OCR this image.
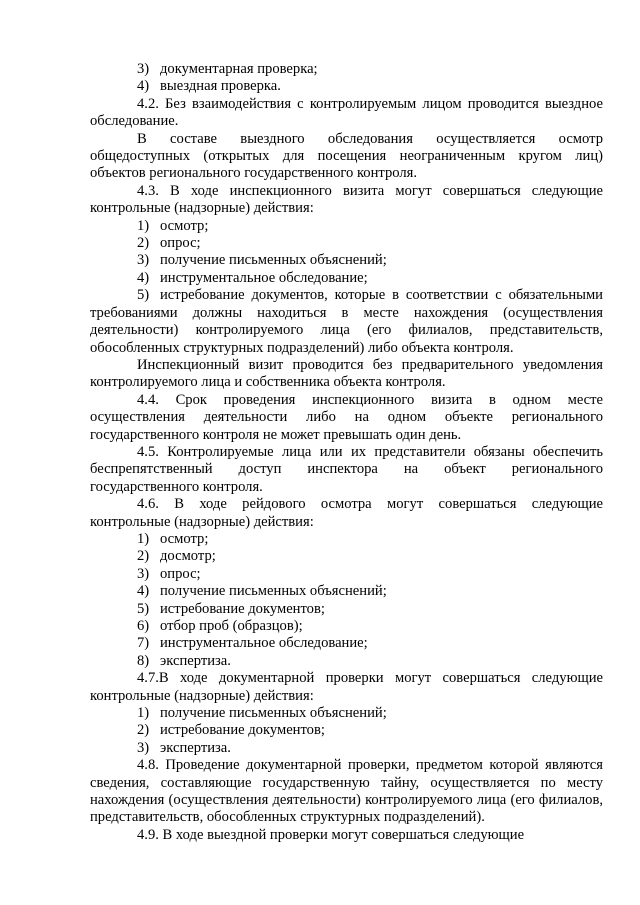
3) документарная проверка;

4) выездная проверка.

4.2. Без взаимодействия с контролируемым лицом проводится выездное обследование.

В составе выездного обследования осуществляется осмотр общедоступных (открытых для посещения неограниченным кругом лиц) объектов регионального государственного контроля.

4.3. В ходе инспекционного визита могут совершаться следующие контрольные (надзорные) действия:

1) осмотр;

2) опрос;

3) получение письменных объяснений;

4) инструментальное обследование;

5) истребование документов, которые в соответствии с обязательными требованиями должны находиться в месте нахождения (осуществления деятельности) контролируемого лица (его филиалов, представительств, обособленных структурных подразделений) либо объекта контроля.

Инспекционный визит проводится без предварительного уведомления контролируемого лица и собственника объекта контроля.

4.4. Срок проведения инспекционного визита в одном месте осуществления деятельности либо на одном объекте регионального государственного контроля не может превышать один день.

4.5. Контролируемые лица или их представители обязаны обеспечить беспрепятственный доступ инспектора на объект регионального государственного контроля.

4.6. В ходе рейдового осмотра могут совершаться следующие контрольные (надзорные) действия:

1) осмотр;

2) досмотр;

3) опрос;

4) получение письменных объяснений;

5) истребование документов;

6) отбор проб (образцов);

7) инструментальное обследование;

8) экспертиза.

4.7.В ходе документарной проверки могут совершаться следующие контрольные (надзорные) действия:

1) получение письменных объяснений;

2) истребование документов;

3) экспертиза.

4.8. Проведение документарной проверки, предметом которой являются сведения, составляющие государственную тайну, осуществляется по месту нахождения (осуществления деятельности) контролируемого лица (его филиалов, представительств, обособленных структурных подразделений).

4.9. В ходе выездной проверки могут совершаться следующие
